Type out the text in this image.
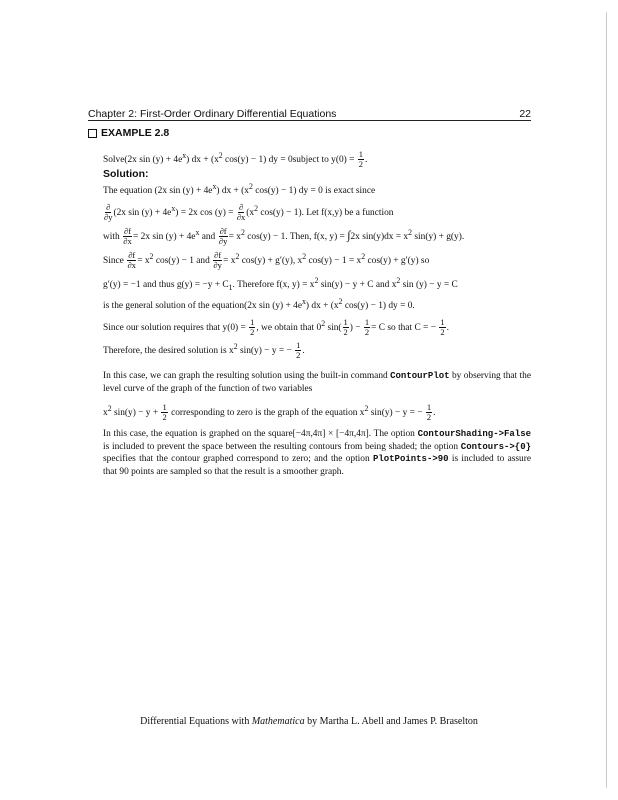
Chapter 2: First-Order Ordinary Differential Equations	22
EXAMPLE 2.8
Solve(2x $\sin (y) + 4e^x$) dx + ($x^2$ cos(y) − 1) dy = 0subject to $y(0) = \frac{1}{2}$ .
Solution:
The equation (2x $\sin (y) + 4e^x$) dx + ($x^2$ cos(y) − 1) dy = 0 is exact since
$\frac{\partial}{\partial y} (2x$ $\sin (y) + 4e^x) = 2x$ $\cos (y) = \frac{\partial}{\partial x} (x^2$ cos(y) − 1). Let f(x,y) be a function
with $\frac{\partial f}{\partial x} = 2x$ $\sin (y) + 4e^x$ and $\frac{\partial f}{\partial y} = x^2$ cos(y) − 1. Then, f(x, y) = ∫2x $\sin(y)dx = x^2$ sin(y) + g(y).
Since $\frac{\partial f}{\partial x} = x^2$ cos(y) − 1 and $\frac{\partial f}{\partial y} = x^2$ cos(y) + g′(y), $x^2$ $\cos(y) - 1 = x^2$ cos(y) + g′(y) so
g′(y) = −1 and thus $g(y) = -y + C_1$. Therefore f(x, $y) = x^2$ sin(y) − y + C and $x^2$ sin (y) − y = C
is the general solution of the equation(2x $\sin (y) + 4e^x$) dx + ($x^2$ cos(y) − 1) dy = 0.
Since our solution requires that $y(0) = \frac{1}{2}$ , we obtain that $0^2$ $\sin( \frac{1}{2}$ ) − $\frac{1}{2} = C$ so that C = − $\frac{1}{2}$ .
Therefore, the desired solution is $x^2$ sin(y) − y = − $\frac{1}{2}$ .
In this case, we can graph the resulting solution using the built-in command ContourPlot by observing that the level curve of the graph of the function of two variables
$x^2$ $\sin(y) - y + \frac{1}{2}$ corresponding to zero is the graph of the equation $x^2$ sin(y) − y = − $\frac{1}{2}$ .
In this case, the equation is graphed on the square[−4π,4π] × [−4π,4π]. The option ContourShading->False is included to prevent the space between the resulting contours from being shaded; the option Contours->{0} specifies that the contour graphed correspond to zero; and the option PlotPoints->90 is included to assure that 90 points are sampled so that the result is a smoother graph.
Differential Equations with Mathematica by Martha L. Abell and James P. Braselton
